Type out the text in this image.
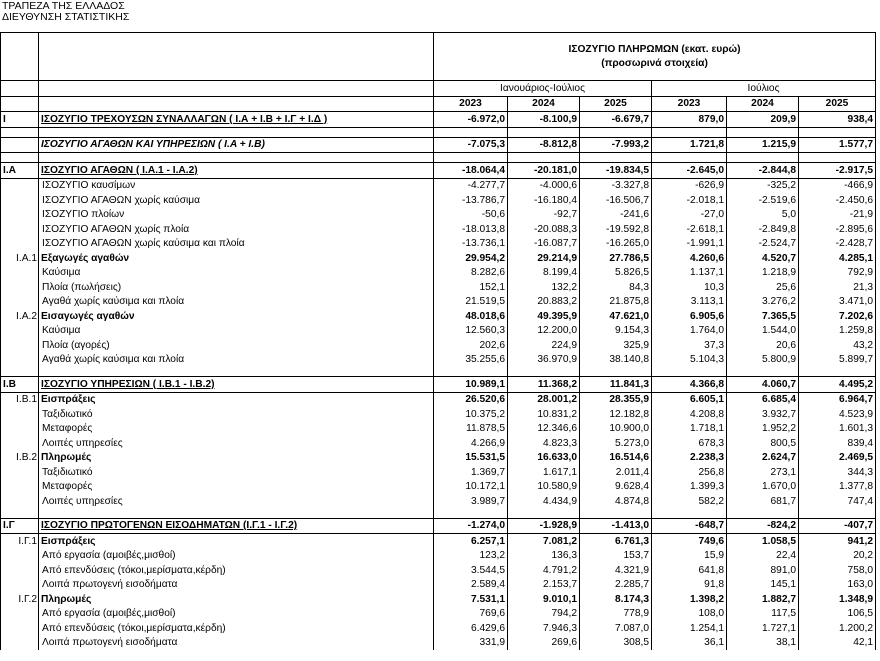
ΤΡΑΠΕΖΑ ΤΗΣ ΕΛΛΑΔΟΣ
ΔΙΕΥΘΥΝΣΗ ΣΤΑΤΙΣΤΙΚΗΣ

		ΙΣΟΖΥΓΙΟ ΠΛΗΡΩΜΩΝ (εκατ. ευρώ)					
		(προσωρινά στοιχεία)					

		Ιανουάριος-Ιούλιος			Ιούλιος		
		2023	2024	2025	2023	2024	2025
I	ΙΣΟΖΥΓΙΟ ΤΡΕΧΟΥΣΩΝ ΣΥΝΑΛΛΑΓΩΝ ( Ι.Α + Ι.Β + Ι.Γ + Ι.Δ )	-6.972,0	-8.100,9	-6.679,7	879,0	209,9	938,4

	ΙΣΟΖΥΓΙΟ ΑΓΑΘΩΝ ΚΑΙ ΥΠΗΡΕΣΙΩΝ ( Ι.Α + Ι.Β)	-7.075,3	-8.812,8	-7.993,2	1.721,8	1.215,9	1.577,7

I.A	ΙΣΟΖΥΓΙΟ ΑΓΑΘΩΝ ( Ι.Α.1 - Ι.Α.2)	-18.064,4	-20.181,0	-19.834,5	-2.645,0	-2.844,8	-2.917,5
	ΙΣΟΖΥΓΙΟ καυσίμων	-4.277,7	-4.000,6	-3.327,8	-626,9	-325,2	-466,9
	ΙΣΟΖΥΓΙΟ ΑΓΑΘΩΝ χωρίς καύσιμα	-13.786,7	-16.180,4	-16.506,7	-2.018,1	-2.519,6	-2.450,6
	ΙΣΟΖΥΓΙΟ πλοίων	-50,6	-92,7	-241,6	-27,0	5,0	-21,9
	ΙΣΟΖΥΓΙΟ ΑΓΑΘΩΝ χωρίς πλοία	-18.013,8	-20.088,3	-19.592,8	-2.618,1	-2.849,8	-2.895,6
	ΙΣΟΖΥΓΙΟ ΑΓΑΘΩΝ χωρίς καύσιμα και πλοία	-13.736,1	-16.087,7	-16.265,0	-1.991,1	-2.524,7	-2.428,7
I.A.1	Εξαγωγές αγαθών	29.954,2	29.214,9	27.786,5	4.260,6	4.520,7	4.285,1
	Καύσιμα	8.282,6	8.199,4	5.826,5	1.137,1	1.218,9	792,9
	Πλοία (πωλήσεις)	152,1	132,2	84,3	10,3	25,6	21,3
	Αγαθά χωρίς καύσιμα και πλοία	21.519,5	20.883,2	21.875,8	3.113,1	3.276,2	3.471,0
I.A.2	Εισαγωγές αγαθών	48.018,6	49.395,9	47.621,0	6.905,6	7.365,5	7.202,6
	Καύσιμα	12.560,3	12.200,0	9.154,3	1.764,0	1.544,0	1.259,8
	Πλοία (αγορές)	202,6	224,9	325,9	37,3	20,6	43,2
	Αγαθά χωρίς καύσιμα και πλοία	35.255,6	36.970,9	38.140,8	5.104,3	5.800,9	5.899,7

I.B	ΙΣΟΖΥΓΙΟ ΥΠΗΡΕΣΙΩΝ ( Ι.Β.1 - Ι.Β.2)	10.989,1	11.368,2	11.841,3	4.366,8	4.060,7	4.495,2
I.B.1	Εισπράξεις	26.520,6	28.001,2	28.355,9	6.605,1	6.685,4	6.964,7
	Ταξιδιωτικό	10.375,2	10.831,2	12.182,8	4.208,8	3.932,7	4.523,9
	Μεταφορές	11.878,5	12.346,6	10.900,0	1.718,1	1.952,2	1.601,3
	Λοιπές υπηρεσίες	4.266,9	4.823,3	5.273,0	678,3	800,5	839,4
I.B.2	Πληρωμές	15.531,5	16.633,0	16.514,6	2.238,3	2.624,7	2.469,5
	Ταξιδιωτικό	1.369,7	1.617,1	2.011,4	256,8	273,1	344,3
	Μεταφορές	10.172,1	10.580,9	9.628,4	1.399,3	1.670,0	1.377,8
	Λοιπές υπηρεσίες	3.989,7	4.434,9	4.874,8	582,2	681,7	747,4

I.Γ	ΙΣΟΖΥΓΙΟ ΠΡΩΤΟΓΕΝΩΝ ΕΙΣΟΔΗΜΑΤΩΝ (Ι.Γ.1 - Ι.Γ.2)	-1.274,0	-1.928,9	-1.413,0	-648,7	-824,2	-407,7
I.Γ.1	Εισπράξεις	6.257,1	7.081,2	6.761,3	749,6	1.058,5	941,2
	Από εργασία (αμοιβές,μισθοί)	123,2	136,3	153,7	15,9	22,4	20,2
	Από επενδύσεις (τόκοι,μερίσματα,κέρδη)	3.544,5	4.791,2	4.321,9	641,8	891,0	758,0
	Λοιπά πρωτογενή εισοδήματα	2.589,4	2.153,7	2.285,7	91,8	145,1	163,0
I.Γ.2	Πληρωμές	7.531,1	9.010,1	8.174,3	1.398,2	1.882,7	1.348,9
	Από εργασία (αμοιβές,μισθοί)	769,6	794,2	778,9	108,0	117,5	106,5
	Από επενδύσεις (τόκοι,μερίσματα,κέρδη)	6.429,6	7.946,3	7.087,0	1.254,1	1.727,1	1.200,2
	Λοιπά πρωτογενή εισοδήματα	331,9	269,6	308,5	36,1	38,1	42,1
